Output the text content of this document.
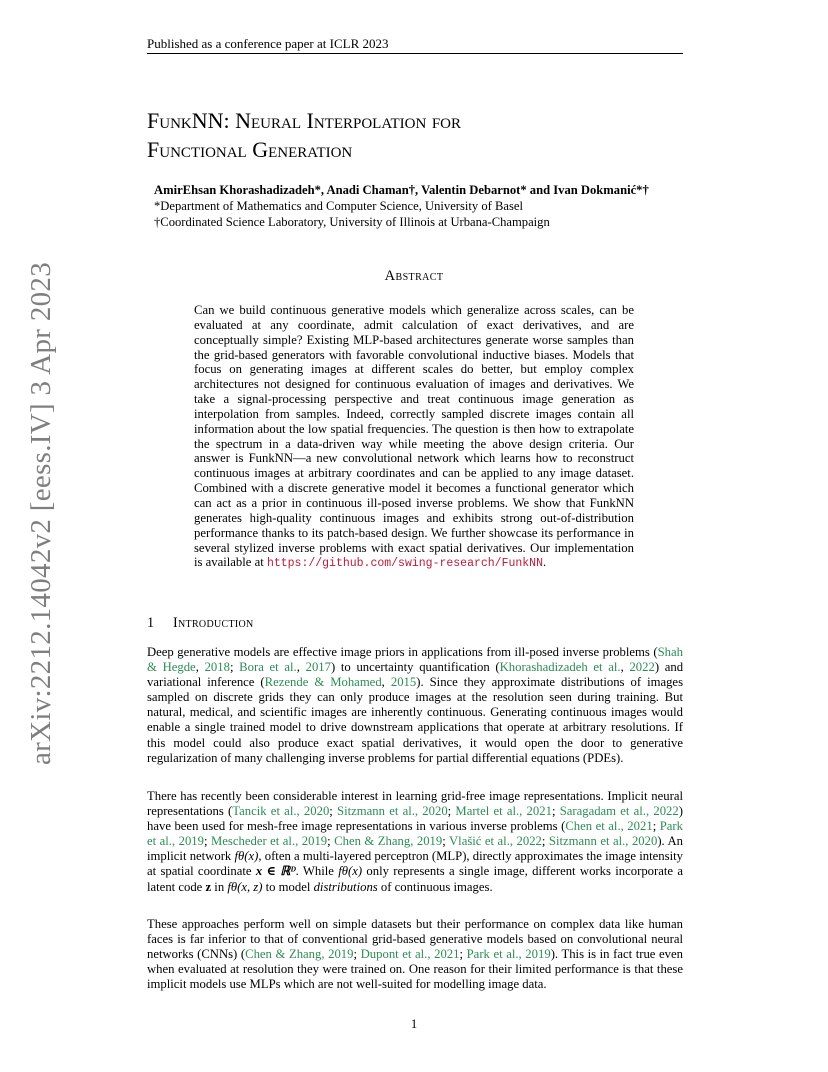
Published as a conference paper at ICLR 2023
arXiv:2212.14042v2 [eess.IV] 3 Apr 2023
FunkNN: Neural Interpolation for
Functional Generation
AmirEhsan Khorashadizadeh*, Anadi Chaman†, Valentin Debarnot* and Ivan Dokmanić*†
*Department of Mathematics and Computer Science, University of Basel
†Coordinated Science Laboratory, University of Illinois at Urbana-Champaign
Abstract
Can we build continuous generative models which generalize across scales, can be evaluated at any coordinate, admit calculation of exact derivatives, and are conceptually simple? Existing MLP-based architectures generate worse samples than the grid-based generators with favorable convolutional inductive biases. Models that focus on generating images at different scales do better, but employ complex architectures not designed for continuous evaluation of images and derivatives. We take a signal-processing perspective and treat continuous image generation as interpolation from samples. Indeed, correctly sampled discrete images contain all information about the low spatial frequencies. The question is then how to extrapolate the spectrum in a data-driven way while meeting the above design criteria. Our answer is FunkNN—a new convolutional network which learns how to reconstruct continuous images at arbitrary coordinates and can be applied to any image dataset. Combined with a discrete generative model it becomes a functional generator which can act as a prior in continuous ill-posed inverse problems. We show that FunkNN generates high-quality continuous images and exhibits strong out-of-distribution performance thanks to its patch-based design. We further showcase its performance in several stylized inverse problems with exact spatial derivatives. Our implementation is available at https://github.com/swing-research/FunkNN.
1 Introduction
Deep generative models are effective image priors in applications from ill-posed inverse problems (Shah & Hegde, 2018; Bora et al., 2017) to uncertainty quantification (Khorashadizadeh et al., 2022) and variational inference (Rezende & Mohamed, 2015). Since they approximate distributions of images sampled on discrete grids they can only produce images at the resolution seen during training. But natural, medical, and scientific images are inherently continuous. Generating continuous images would enable a single trained model to drive downstream applications that operate at arbitrary resolutions. If this model could also produce exact spatial derivatives, it would open the door to generative regularization of many challenging inverse problems for partial differential equations (PDEs).
There has recently been considerable interest in learning grid-free image representations. Implicit neural representations (Tancik et al., 2020; Sitzmann et al., 2020; Martel et al., 2021; Saragadam et al., 2022) have been used for mesh-free image representations in various inverse problems (Chen et al., 2021; Park et al., 2019; Mescheder et al., 2019; Chen & Zhang, 2019; Vlašić et al., 2022; Sitzmann et al., 2020). An implicit network fθ(x), often a multi-layered perceptron (MLP), directly approximates the image intensity at spatial coordinate x ∈ ℝᴰ. While fθ(x) only represents a single image, different works incorporate a latent code z in fθ(x, z) to model distributions of continuous images.
These approaches perform well on simple datasets but their performance on complex data like human faces is far inferior to that of conventional grid-based generative models based on convolutional neural networks (CNNs) (Chen & Zhang, 2019; Dupont et al., 2021; Park et al., 2019). This is in fact true even when evaluated at resolution they were trained on. One reason for their limited performance is that these implicit models use MLPs which are not well-suited for modelling image data.
1
